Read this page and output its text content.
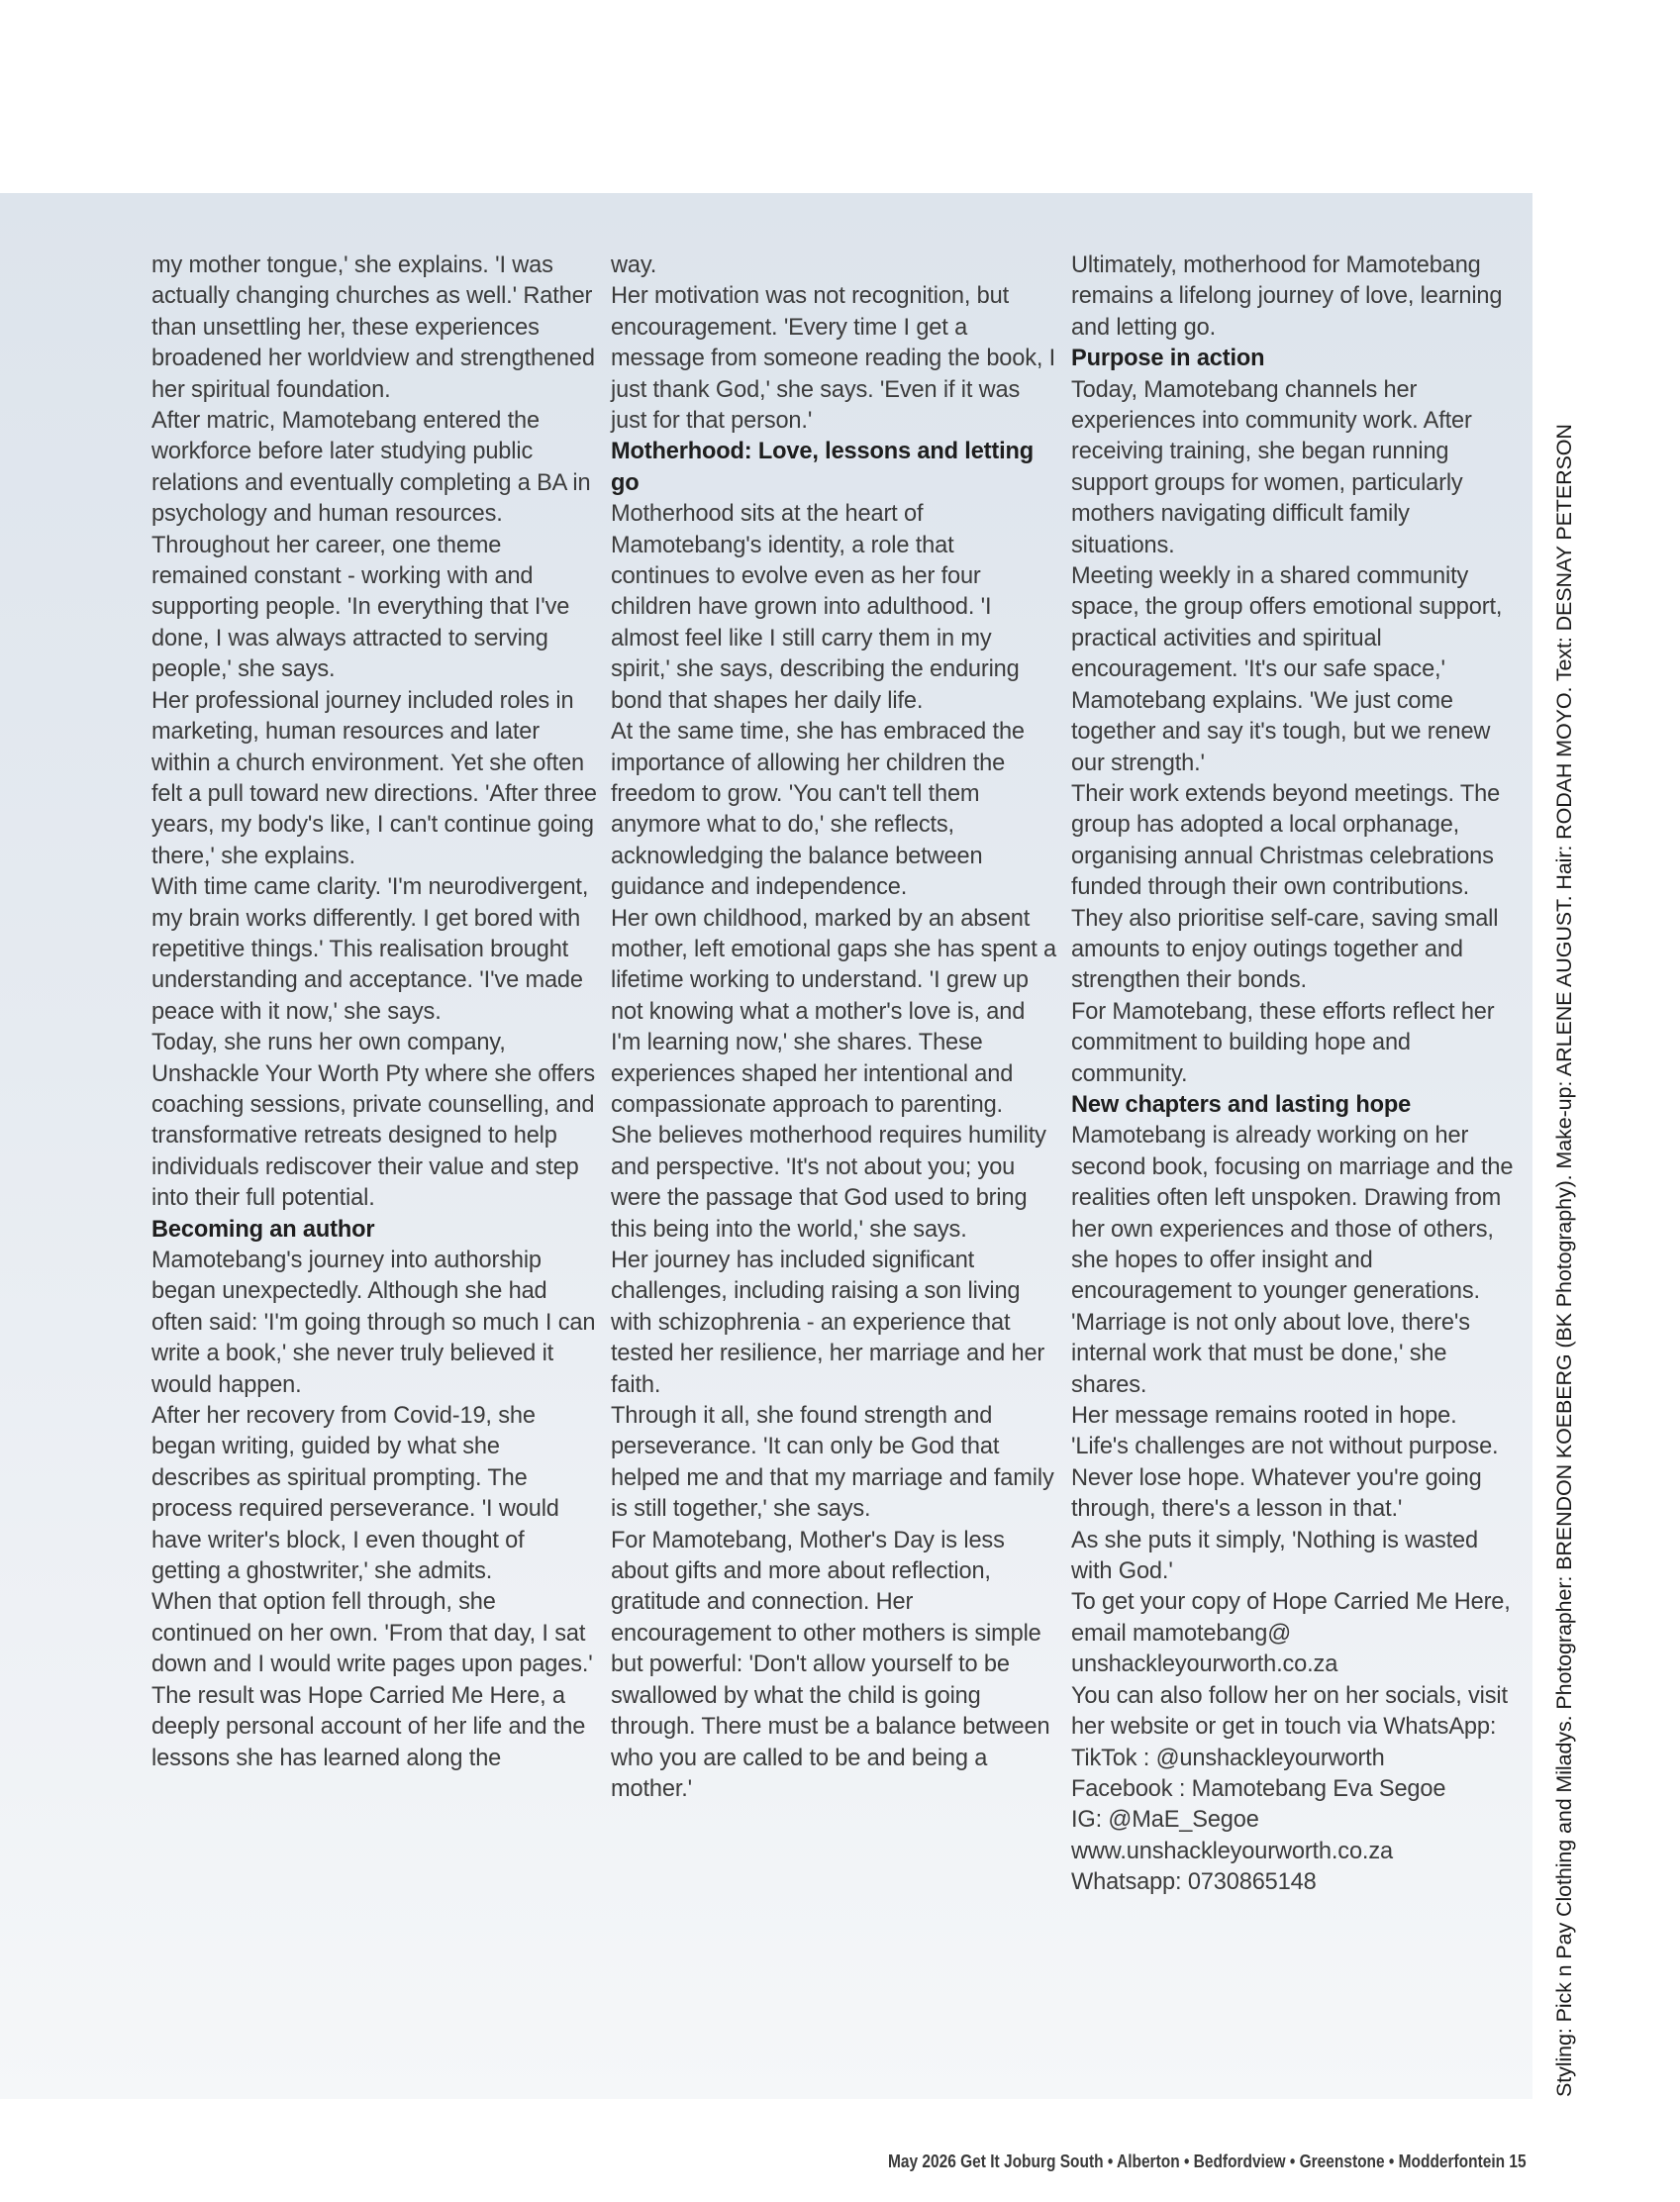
my mother tongue,' she explains. 'I was actually changing churches as well.' Rather than unsettling her, these experiences broadened her worldview and strengthened her spiritual foundation.

After matric, Mamotebang entered the workforce before later studying public relations and eventually completing a BA in psychology and human resources. Throughout her career, one theme remained constant - working with and supporting people. 'In everything that I've done, I was always attracted to serving people,' she says.

Her professional journey included roles in marketing, human resources and later within a church environment. Yet she often felt a pull toward new directions. 'After three years, my body's like, I can't continue going there,' she explains.

With time came clarity. 'I'm neurodivergent, my brain works differently. I get bored with repetitive things.' This realisation brought understanding and acceptance. 'I've made peace with it now,' she says.

Today, she runs her own company, Unshackle Your Worth Pty where she offers coaching sessions, private counselling, and transformative retreats designed to help individuals rediscover their value and step into their full potential.

Becoming an author

Mamotebang's journey into authorship began unexpectedly. Although she had often said: 'I'm going through so much I can write a book,' she never truly believed it would happen.

After her recovery from Covid-19, she began writing, guided by what she describes as spiritual prompting. The process required perseverance. 'I would have writer's block, I even thought of getting a ghostwriter,' she admits.

When that option fell through, she continued on her own. 'From that day, I sat down and I would write pages upon pages.' The result was Hope Carried Me Here, a deeply personal account of her life and the lessons she has learned along the

way.

Her motivation was not recognition, but encouragement. 'Every time I get a message from someone reading the book, I just thank God,' she says. 'Even if it was just for that person.'

Motherhood: Love, lessons and letting go

Motherhood sits at the heart of Mamotebang's identity, a role that continues to evolve even as her four children have grown into adulthood. 'I almost feel like I still carry them in my spirit,' she says, describing the enduring bond that shapes her daily life.

At the same time, she has embraced the importance of allowing her children the freedom to grow. 'You can't tell them anymore what to do,' she reflects, acknowledging the balance between guidance and independence.

Her own childhood, marked by an absent mother, left emotional gaps she has spent a lifetime working to understand. 'I grew up not knowing what a mother's love is, and I'm learning now,' she shares. These experiences shaped her intentional and compassionate approach to parenting.

She believes motherhood requires humility and perspective. 'It's not about you; you were the passage that God used to bring this being into the world,' she says.

Her journey has included significant challenges, including raising a son living with schizophrenia - an experience that tested her resilience, her marriage and her faith.

Through it all, she found strength and perseverance. 'It can only be God that helped me and that my marriage and family is still together,' she says.

For Mamotebang, Mother's Day is less about gifts and more about reflection, gratitude and connection. Her encouragement to other mothers is simple but powerful: 'Don't allow yourself to be swallowed by what the child is going through. There must be a balance between who you are called to be and being a mother.'

Ultimately, motherhood for Mamotebang remains a lifelong journey of love, learning and letting go.

Purpose in action

Today, Mamotebang channels her experiences into community work. After receiving training, she began running support groups for women, particularly mothers navigating difficult family situations.

Meeting weekly in a shared community space, the group offers emotional support, practical activities and spiritual encouragement. 'It's our safe space,' Mamotebang explains. 'We just come together and say it's tough, but we renew our strength.'

Their work extends beyond meetings. The group has adopted a local orphanage, organising annual Christmas celebrations funded through their own contributions. They also prioritise self-care, saving small amounts to enjoy outings together and strengthen their bonds.

For Mamotebang, these efforts reflect her commitment to building hope and community.

New chapters and lasting hope

Mamotebang is already working on her second book, focusing on marriage and the realities often left unspoken. Drawing from her own experiences and those of others, she hopes to offer insight and encouragement to younger generations. 'Marriage is not only about love, there's internal work that must be done,' she shares.

Her message remains rooted in hope. 'Life's challenges are not without purpose. Never lose hope. Whatever you're going through, there's a lesson in that.'

As she puts it simply, 'Nothing is wasted with God.'

To get your copy of Hope Carried Me Here, email mamotebang@ unshackleyourworth.co.za

You can also follow her on her socials, visit her website or get in touch via WhatsApp:

TikTok : @unshackleyourworth

Facebook : Mamotebang Eva Segoe

IG: @MaE_Segoe

www.unshackleyourworth.co.za

Whatsapp: 0730865148	Styling: Pick n Pay Clothing and Miladys. Photographer: BRENDON KOEBERG (BK Photography). Make-up: ARLENE AUGUST. Hair: RODAH MOYO. Text: DESNAY PETERSON
May 2026 Get It Joburg South • Alberton • Bedfordview • Greenstone • Modderfontein 15
